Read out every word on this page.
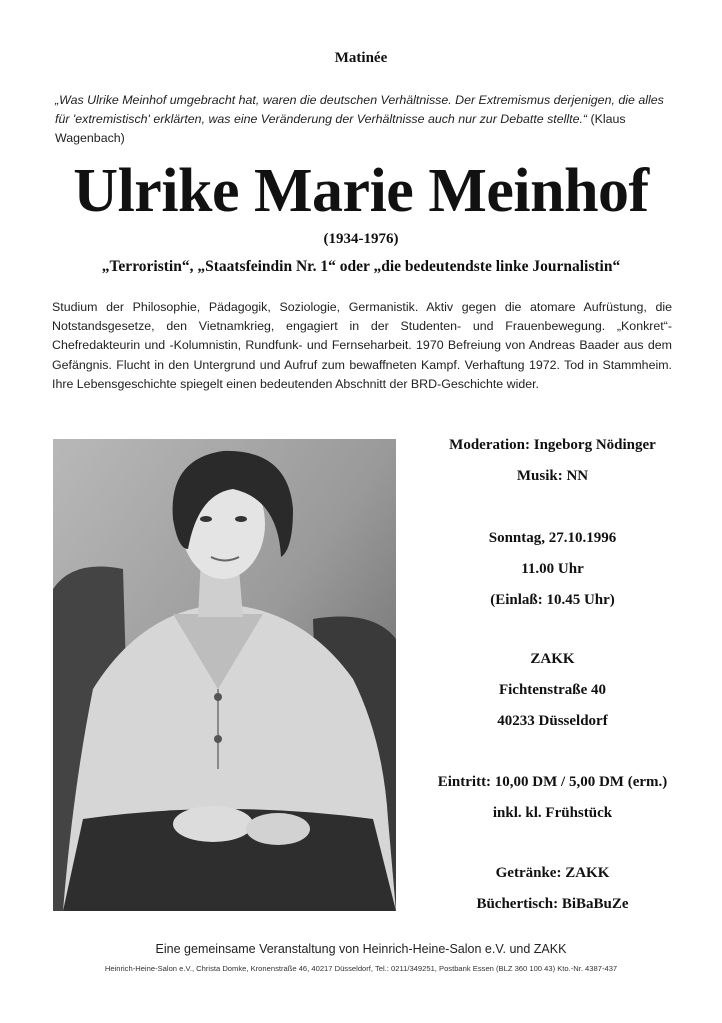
Matinée
„Was Ulrike Meinhof umgebracht hat, waren die deutschen Verhältnisse. Der Extremismus derjenigen, die alles für 'extremistisch' erklärten, was eine Veränderung der Verhältnisse auch nur zur Debatte stellte.“ (Klaus Wagenbach)
Ulrike Marie Meinhof
(1934-1976)
„Terroristin“, „Staatsfeindin Nr. 1“ oder „die bedeutendste linke Journalistin“
Studium der Philosophie, Pädagogik, Soziologie, Germanistik. Aktiv gegen die atomare Aufrüstung, die Notstandsgesetze, den Vietnamkrieg, engagiert in der Studenten- und Frauenbewegung. „Konkret“-Chefredakteurin und -Kolumnistin, Rundfunk- und Fernseharbeit. 1970 Befreiung von Andreas Baader aus dem Gefängnis. Flucht in den Untergrund und Aufruf zum bewaffneten Kampf. Verhaftung 1972. Tod in Stammheim. Ihre Lebensgeschichte spiegelt einen bedeutenden Abschnitt der BRD-Geschichte wider.
Moderation: Ingeborg Nödinger
Musik: NN
Sonntag, 27.10.1996
11.00 Uhr
(Einlaß: 10.45 Uhr)
ZAKK
Fichtenstraße 40
40233 Düsseldorf
Eintritt: 10,00 DM / 5,00 DM (erm.)
inkl. kl. Frühstück
Getränke: ZAKK
Büchertisch: BiBaBuZe
Eine gemeinsame Veranstaltung von Heinrich-Heine-Salon e.V. und ZAKK
Heinrich-Heine-Salon e.V., Christa Domke, Kronenstraße 46, 40217 Düsseldorf, Tel.: 0211/349251, Postbank Essen (BLZ 360 100 43) Kto.-Nr. 4387-437
